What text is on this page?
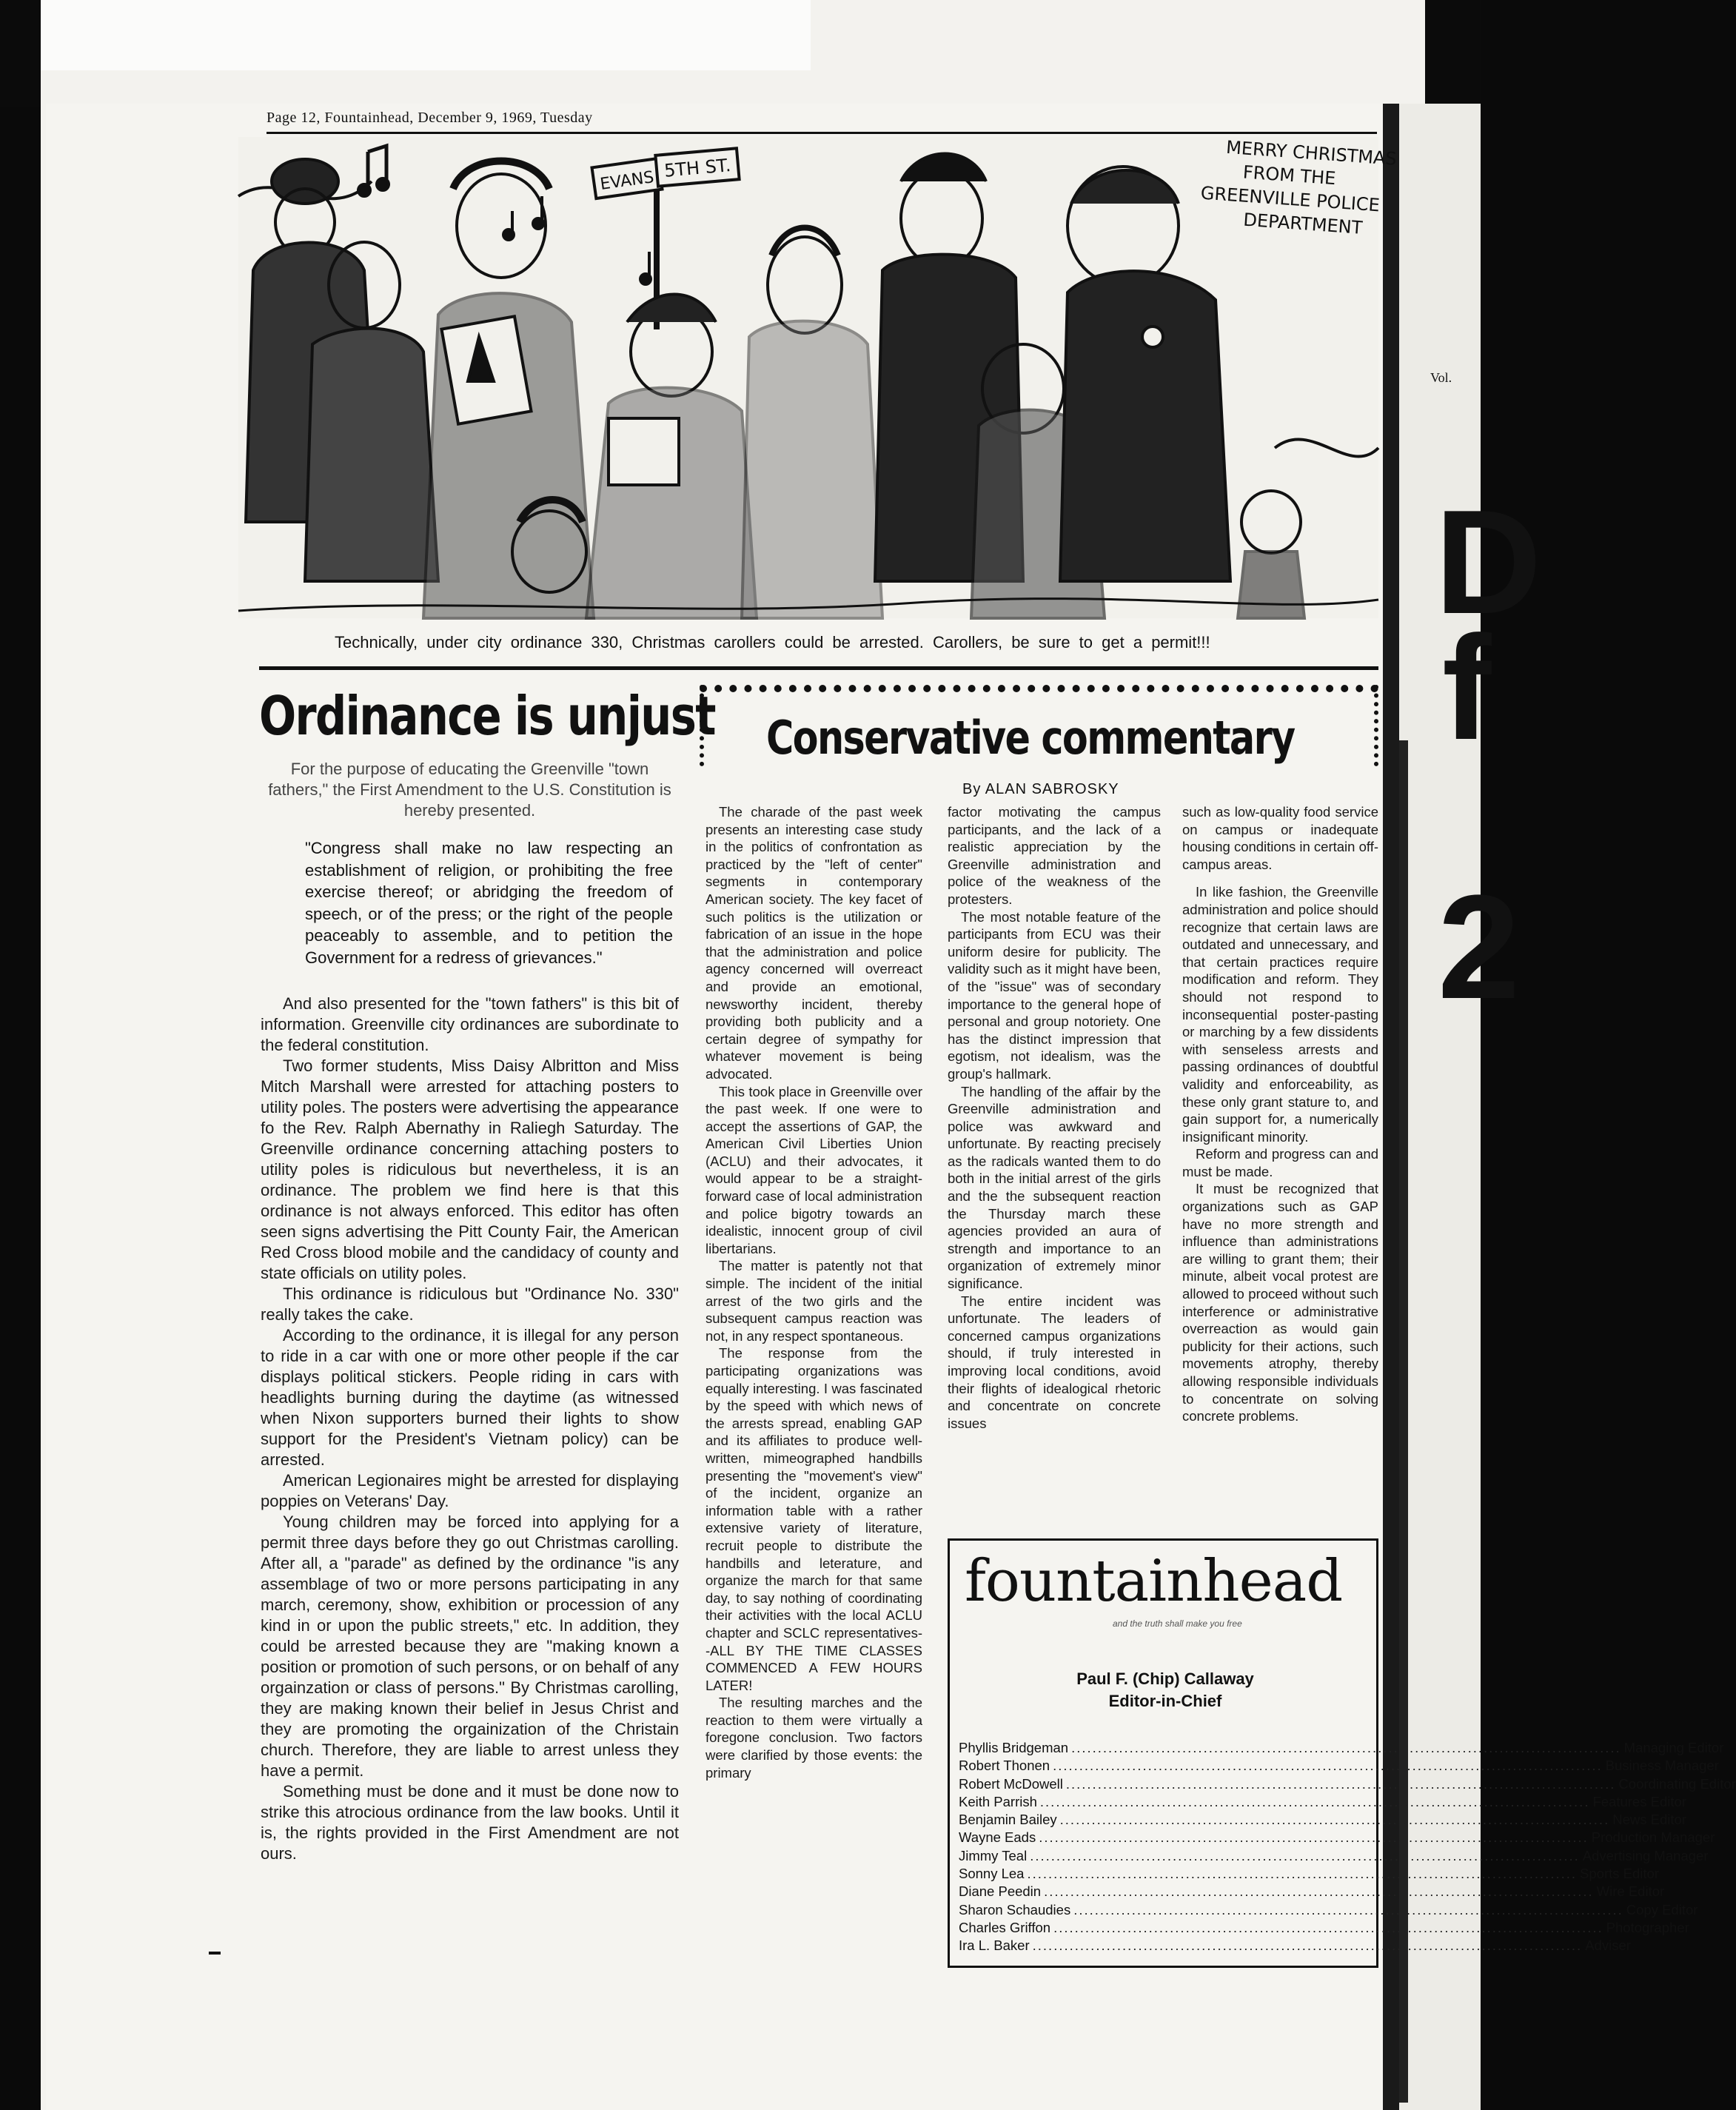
Vol.
D
f
2
Page 12, Fountainhead, December 9, 1969, Tuesday
EVANS 5TH ST.	MERRY CHRISTMAS
FROM THE
GREENVILLE POLICE
DEPARTMENT
Technically, under city ordinance 330, Christmas carollers could be arrested. Carollers, be sure to get a permit!!!
Ordinance is unjust Conservative commentary
By ALAN SABROSKY

For the purpose of educating the Greenville "town fathers," the First Amendment to the U.S. Constitution is hereby presented.

"Congress shall make no law respecting an establishment of religion, or prohibiting the free exercise thereof; or abridging the freedom of speech, or of the press; or the right of the people peaceably to assemble, and to petition the Government for a redress of grievances."

And also presented for the "town fathers" is this bit of information. Greenville city ordinances are subordinate to the federal constitution.

Two former students, Miss Daisy Albritton and Miss Mitch Marshall were arrested for attaching posters to utility poles. The posters were advertising the appearance fo the Rev. Ralph Abernathy in Raliegh Saturday. The Greenville ordinance concerning attaching posters to utility poles is ridiculous but nevertheless, it is an ordinance. The problem we find here is that this ordinance is not always enforced. This editor has often seen signs advertising the Pitt County Fair, the American Red Cross blood mobile and the candidacy of county and state officials on utility poles.

This ordinance is ridiculous but "Ordinance No. 330" really takes the cake.

According to the ordinance, it is illegal for any person to ride in a car with one or more other people if the car displays political stickers. People riding in cars with headlights burning during the daytime (as witnessed when Nixon supporters burned their lights to show support for the President's Vietnam policy) can be arrested.

American Legionaires might be arrested for displaying poppies on Veterans' Day.

Young children may be forced into applying for a permit three days before they go out Christmas carolling. After all, a "parade" as defined by the ordinance "is any assemblage of two or more persons participating in any march, ceremony, show, exhibition or procession of any kind in or upon the public streets," etc. In addition, they could be arrested because they are "making known a position or promotion of such persons, or on behalf of any orgainzation or class of persons." By Christmas carolling, they are making known their belief in Jesus Christ and they are promoting the orgainization of the Christain church. Therefore, they are liable to arrest unless they have a permit.

Something must be done and it must be done now to strike this atrocious ordinance from the law books. Until it is, the rights provided in the First Amendment are not ours.

The charade of the past week presents an interesting case study in the politics of confrontation as practiced by the "left of center" segments in contemporary American society. The key facet of such politics is the utilization or fabrication of an issue in the hope that the administration and police agency concerned will overreact and provide an emotional, newsworthy incident, thereby providing both publicity and a certain degree of sympathy for whatever movement is being advocated.

This took place in Greenville over the past week. If one were to accept the assertions of GAP, the American Civil Liberties Union (ACLU) and their advocates, it would appear to be a straight-forward case of local administration and police bigotry towards an idealistic, innocent group of civil libertarians.

The matter is patently not that simple. The incident of the initial arrest of the two girls and the subsequent campus reaction was not, in any respect spontaneous.

The response from the participating organizations was equally interesting. I was fascinated by the speed with which news of the arrests spread, enabling GAP and its affiliates to produce well-written, mimeographed handbills presenting the "movement's view" of the incident, organize an information table with a rather extensive variety of literature, recruit people to distribute the handbills and leterature, and organize the march for that same day, to say nothing of coordinating their activities with the local ACLU chapter and SCLC representatives--ALL BY THE TIME CLASSES COMMENCED A FEW HOURS LATER!

The resulting marches and the reaction to them were virtually a foregone conclusion. Two factors were clarified by those events: the primary

factor motivating the campus participants, and the lack of a realistic appreciation by the Greenville administration and police of the weakness of the protesters.

The most notable feature of the participants from ECU was their uniform desire for publicity. The validity such as it might have been, of the "issue" was of secondary importance to the general hope of personal and group notoriety. One has the distinct impression that egotism, not idealism, was the group's hallmark.

The handling of the affair by the Greenville administration and police was awkward and unfortunate. By reacting precisely as the radicals wanted them to do both in the initial arrest of the girls and the the subsequent reaction the Thursday march these agencies provided an aura of strength and importance to an organization of extremely minor significance.

The entire incident was unfortunate. The leaders of concerned campus organizations should, if truly interested in improving local conditions, avoid their flights of idealogical rhetoric and concentrate on concrete issues

such as low-quality food service on campus or inadequate housing conditions in certain off-campus areas.

In like fashion, the Greenville administration and police should recognize that certain laws are outdated and unnecessary, and that certain practices require modification and reform. They should not respond to inconsequential poster-pasting or marching by a few dissidents with senseless arrests and passing ordinances of doubtful validity and enforceability, as these only grant stature to, and gain support for, a numerically insignificant minority.

Reform and progress can and must be made.

It must be recognized that organizations such as GAP have no more strength and influence than administrations are willing to grant them; their minute, albeit vocal protest are allowed to proceed without such interference or administrative overreaction as would gain publicity for their actions, such movements atrophy, thereby allowing responsible individuals to concentrate on solving concrete problems.

fountainhead
and the truth shall make you free
Paul F. (Chip) Callaway
Editor-in-Chief
Phyllis Bridgeman .....	Managing Editor
Robert Thonen .....	Business Manager
Robert McDowell .....	Coordinating Editor
Keith Parrish .....	Features Editor
Benjamin Bailey .....	News Editor
Wayne Eads .....	Production Manager
Jimmy Teal .....	Advertising Manager
Sonny Lea .....	Sports Editor
Diane Peedin .....	Wire Editor
Sharon Schaudies .....	Copy Editor
Charles Griffon .....	Photographer
Ira L. Baker .....	Adviser
